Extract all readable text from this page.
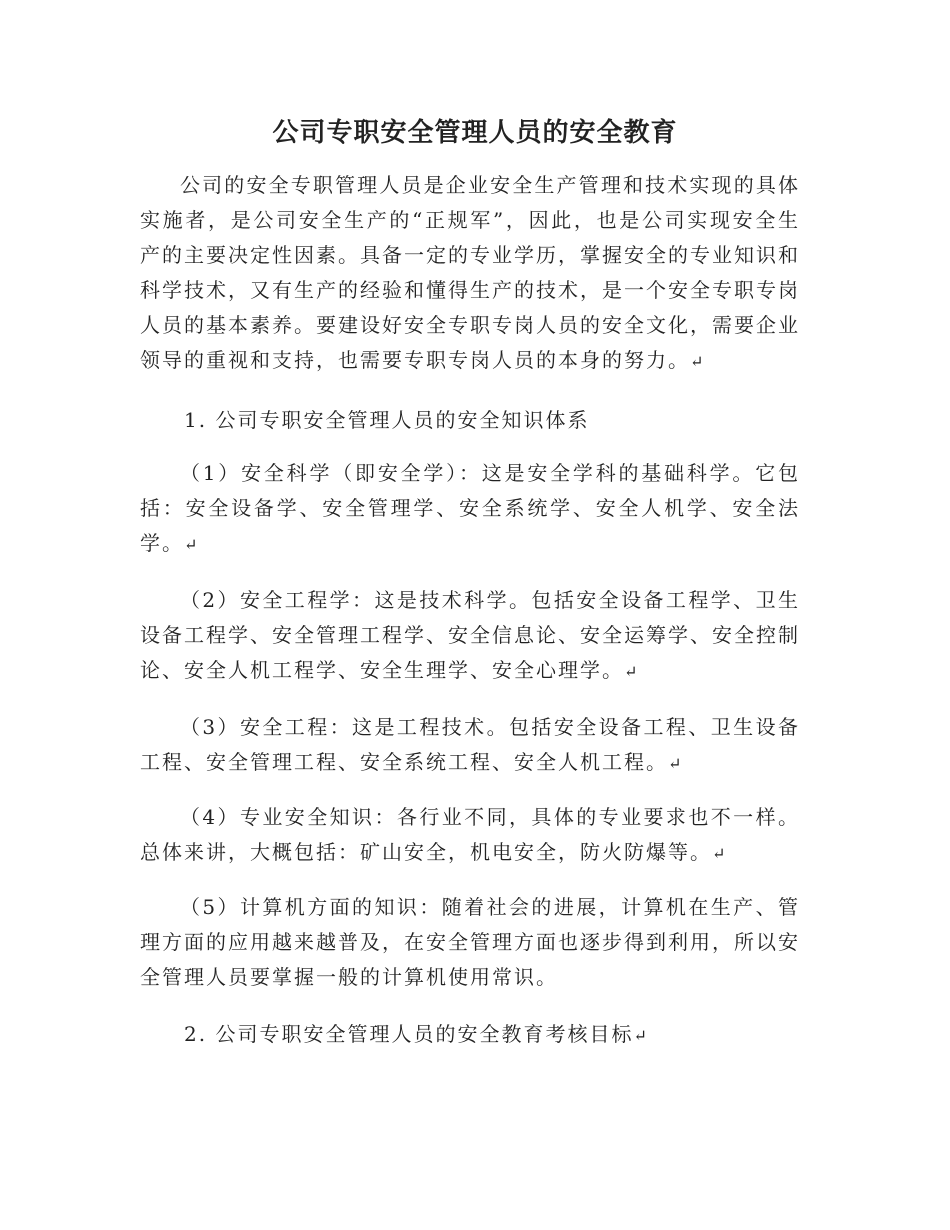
公司专职安全管理人员的安全教育

公司的安全专职管理人员是企业安全生产管理和技术实现的具体实施者，是公司安全生产的“正规军”，因此，也是公司实现安全生产的主要决定性因素。具备一定的专业学历，掌握安全的专业知识和科学技术，又有生产的经验和懂得生产的技术，是一个安全专职专岗人员的基本素养。要建设好安全专职专岗人员的安全文化，需要企业领导的重视和支持，也需要专职专岗人员的本身的努力。↵

1. 公司专职安全管理人员的安全知识体系

（1）安全科学（即安全学）：这是安全学科的基础科学。它包括：安全设备学、安全管理学、安全系统学、安全人机学、安全法学。↵

（2）安全工程学：这是技术科学。包括安全设备工程学、卫生设备工程学、安全管理工程学、安全信息论、安全运筹学、安全控制论、安全人机工程学、安全生理学、安全心理学。↵

（3）安全工程：这是工程技术。包括安全设备工程、卫生设备工程、安全管理工程、安全系统工程、安全人机工程。↵

（4）专业安全知识：各行业不同，具体的专业要求也不一样。总体来讲，大概包括：矿山安全，机电安全，防火防爆等。↵

（5）计算机方面的知识：随着社会的进展，计算机在生产、管理方面的应用越来越普及，在安全管理方面也逐步得到利用，所以安全管理人员要掌握一般的计算机使用常识。

2. 公司专职安全管理人员的安全教育考核目标↵
